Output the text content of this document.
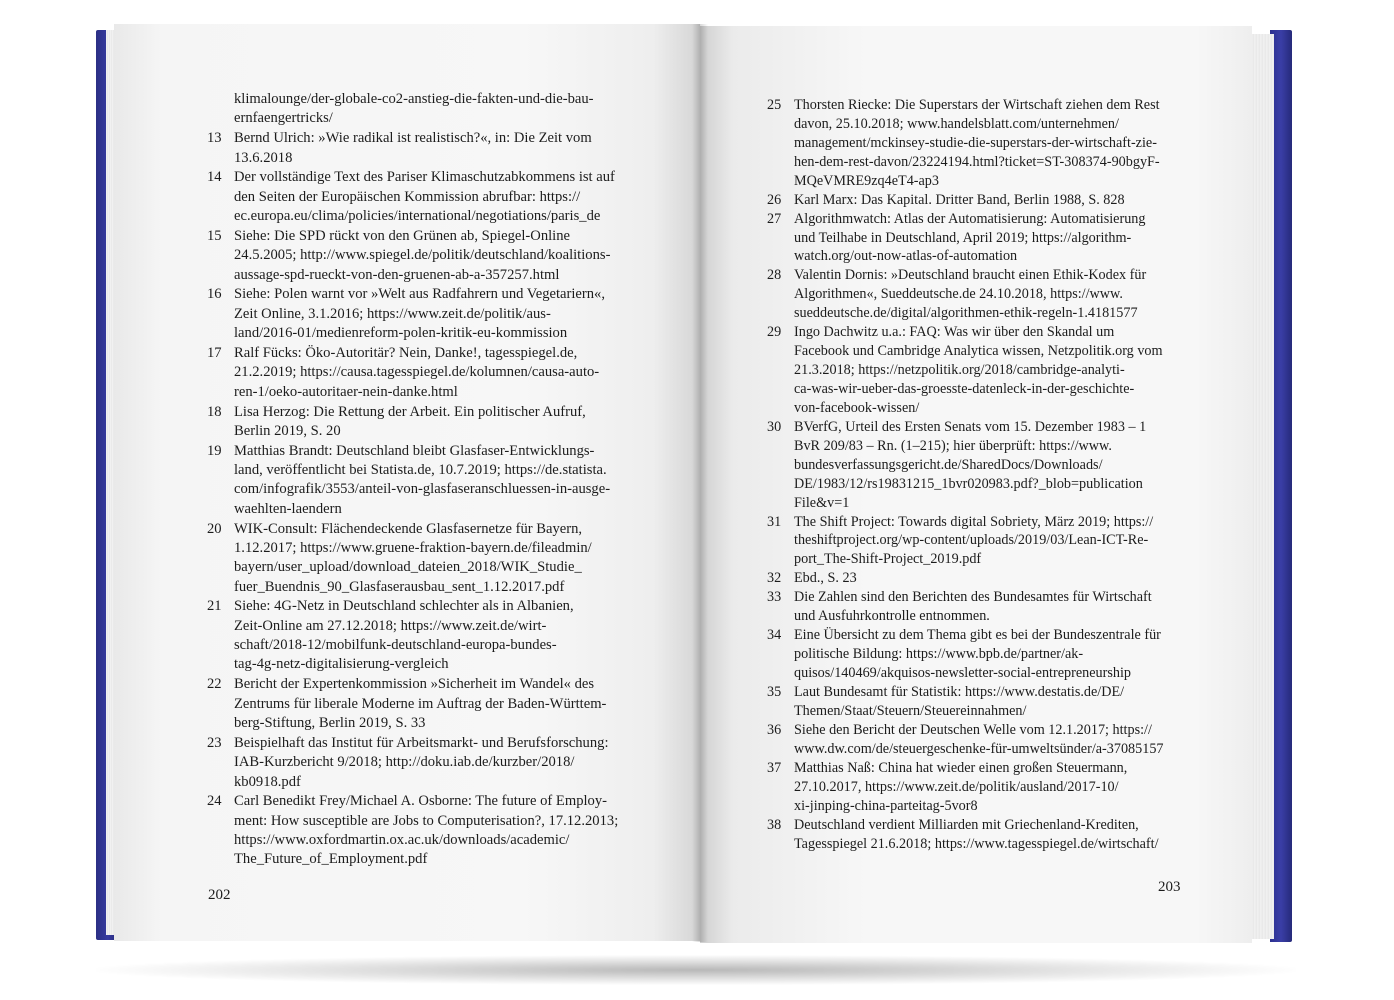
klimalounge/der-globale-co2-anstieg-die-fakten-und-die-bau-
ernfaengertricks/
13 Bernd Ulrich: »Wie radikal ist realistisch?«, in: Die Zeit vom
13.6.2018
14 Der vollständige Text des Pariser Klimaschutzabkommens ist auf
den Seiten der Europäischen Kommission abrufbar: https://
ec.europa.eu/clima/policies/international/negotiations/paris_de
15 Siehe: Die SPD rückt von den Grünen ab, Spiegel-Online
24.5.2005; http://www.spiegel.de/politik/deutschland/koalitions-
aussage-spd-rueckt-von-den-gruenen-ab-a-357257.html
16 Siehe: Polen warnt vor »Welt aus Radfahrern und Vegetariern«,
Zeit Online, 3.1.2016; https://www.zeit.de/politik/aus-
land/2016-01/medienreform-polen-kritik-eu-kommission
17 Ralf Fücks: Öko-Autoritär? Nein, Danke!, tagesspiegel.de,
21.2.2019; https://causa.tagesspiegel.de/kolumnen/causa-auto-
ren-1/oeko-autoritaer-nein-danke.html
18 Lisa Herzog: Die Rettung der Arbeit. Ein politischer Aufruf,
Berlin 2019, S. 20
19 Matthias Brandt: Deutschland bleibt Glasfaser-Entwicklungs-
land, veröffentlicht bei Statista.de, 10.7.2019; https://de.statista.
com/infografik/3553/anteil-von-glasfaseranschluessen-in-ausge-
waehlten-laendern
20 WIK-Consult: Flächendeckende Glasfasernetze für Bayern,
1.12.2017; https://www.gruene-fraktion-bayern.de/fileadmin/
bayern/user_upload/download_dateien_2018/WIK_Studie_
fuer_Buendnis_90_Glasfaserausbau_sent_1.12.2017.pdf
21 Siehe: 4G-Netz in Deutschland schlechter als in Albanien,
Zeit-Online am 27.12.2018; https://www.zeit.de/wirt-
schaft/2018-12/mobilfunk-deutschland-europa-bundes-
tag-4g-netz-digitalisierung-vergleich
22 Bericht der Expertenkommission »Sicherheit im Wandel« des
Zentrums für liberale Moderne im Auftrag der Baden-Württem-
berg-Stiftung, Berlin 2019, S. 33
23 Beispielhaft das Institut für Arbeitsmarkt- und Berufsforschung:
IAB-Kurzbericht 9/2018; http://doku.iab.de/kurzber/2018/
kb0918.pdf
24 Carl Benedikt Frey/Michael A. Osborne: The future of Employ-
ment: How susceptible are Jobs to Computerisation?, 17.12.2013;
https://www.oxfordmartin.ox.ac.uk/downloads/academic/
The_Future_of_Employment.pdf
25 Thorsten Riecke: Die Superstars der Wirtschaft ziehen dem Rest
davon, 25.10.2018; www.handelsblatt.com/unternehmen/
management/mckinsey-studie-die-superstars-der-wirtschaft-zie-
hen-dem-rest-davon/23224194.html?ticket=ST-308374-90bgyF-
MQeVMRE9zq4eT4-ap3
26 Karl Marx: Das Kapital. Dritter Band, Berlin 1988, S. 828
27 Algorithmwatch: Atlas der Automatisierung: Automatisierung
und Teilhabe in Deutschland, April 2019; https://algorithm-
watch.org/out-now-atlas-of-automation
28 Valentin Dornis: »Deutschland braucht einen Ethik-Kodex für
Algorithmen«, Sueddeutsche.de 24.10.2018, https://www.
sueddeutsche.de/digital/algorithmen-ethik-regeln-1.4181577
29 Ingo Dachwitz u.a.: FAQ: Was wir über den Skandal um
Facebook und Cambridge Analytica wissen, Netzpolitik.org vom
21.3.2018; https://netzpolitik.org/2018/cambridge-analyti-
ca-was-wir-ueber-das-groesste-datenleck-in-der-geschichte-
von-facebook-wissen/
30 BVerfG, Urteil des Ersten Senats vom 15. Dezember 1983 – 1
BvR 209/83 – Rn. (1–215); hier überprüft: https://www.
bundesverfassungsgericht.de/SharedDocs/Downloads/
DE/1983/12/rs19831215_1bvr020983.pdf?_blob=publication
File&v=1
31 The Shift Project: Towards digital Sobriety, März 2019; https://
theshiftproject.org/wp-content/uploads/2019/03/Lean-ICT-Re-
port_The-Shift-Project_2019.pdf
32 Ebd., S. 23
33 Die Zahlen sind den Berichten des Bundesamtes für Wirtschaft
und Ausfuhrkontrolle entnommen.
34 Eine Übersicht zu dem Thema gibt es bei der Bundeszentrale für
politische Bildung: https://www.bpb.de/partner/ak-
quisos/140469/akquisos-newsletter-social-entrepreneurship
35 Laut Bundesamt für Statistik: https://www.destatis.de/DE/
Themen/Staat/Steuern/Steuereinnahmen/
36 Siehe den Bericht der Deutschen Welle vom 12.1.2017; https://
www.dw.com/de/steuergeschenke-für-umweltsünder/a-37085157
37 Matthias Naß: China hat wieder einen großen Steuermann,
27.10.2017, https://www.zeit.de/politik/ausland/2017-10/
xi-jinping-china-parteitag-5vor8
38 Deutschland verdient Milliarden mit Griechenland-Krediten,
Tagesspiegel 21.6.2018; https://www.tagesspiegel.de/wirtschaft/
202	203
